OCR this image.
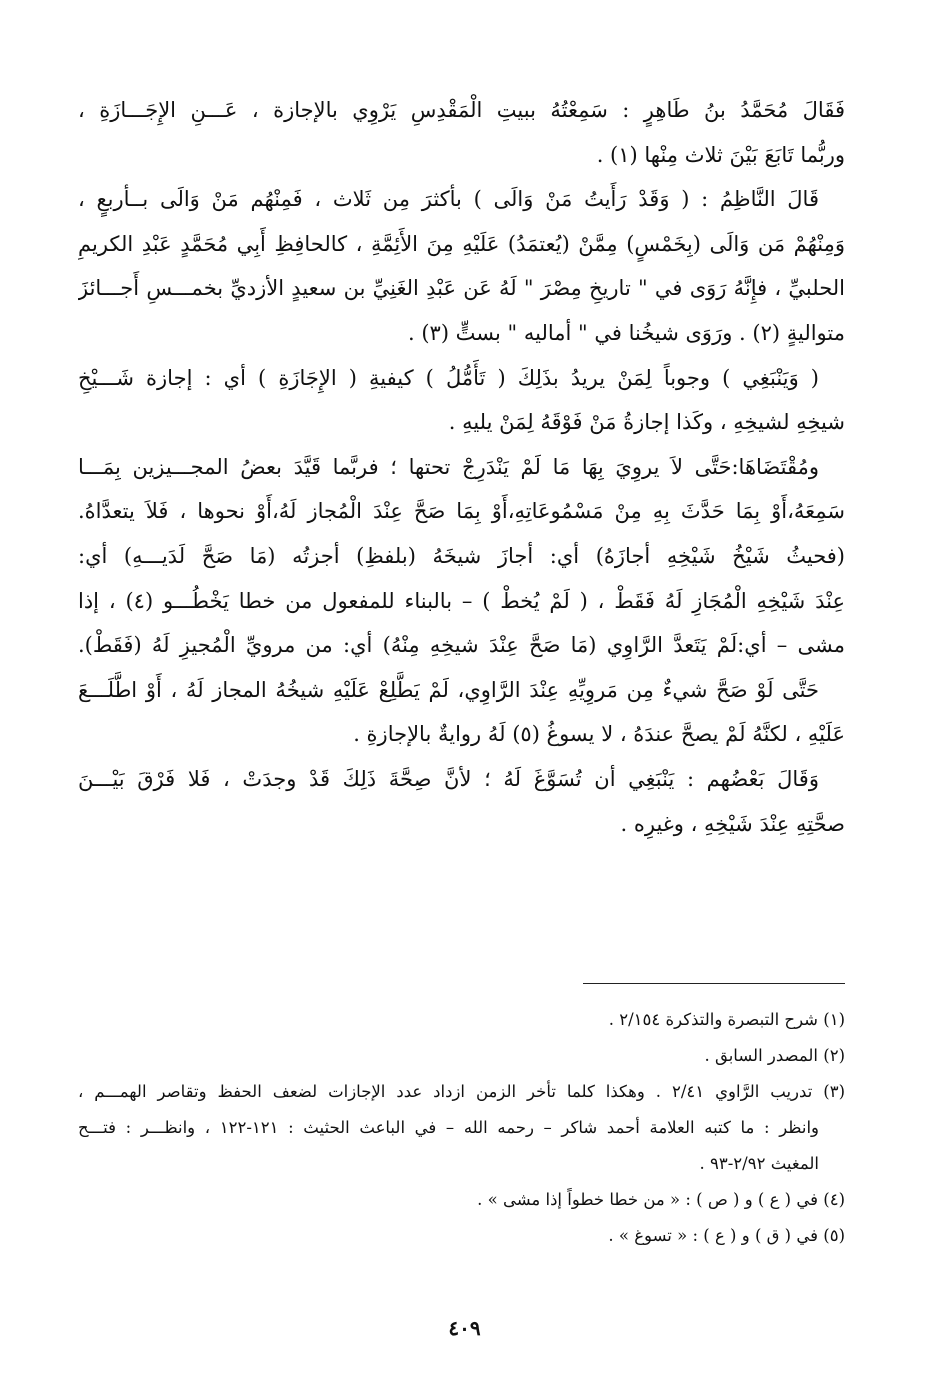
فَقَالَ مُحَمَّدُ بنُ طَاهِرٍ : سَمِعْتُهُ ببيتِ الْمَقْدِسِ يَرْوِي بالإجازة ، عَـــنِ الإِجَـــازَةِ ،
وربُّما تَابَعَ بَيْنَ ثلاث مِنْها (١) .
قَالَ النَّاظِمُ : ( وَقَدْ رَأَيتُ مَنْ وَالَى ) بأكثرَ مِن ثَلاث ، فَمِنْهُم مَنْ وَالَى بــأربعٍ ،
وَمِنْهُمْ مَن وَالَى (بِخَمْسٍ) مِمَّنْ (يُعتمَدُ) عَلَيْهِ مِنَ الأَئِمَّةِ ، كالحافِظِ أَبِي مُحَمَّدٍ عَبْدِ الكريمِ
الحلبيِّ ، فإِنَّهُ رَوَى في " تاريخِ مِصْرَ " لَهُ عَن عَبْدِ الغَنِيِّ بن سعيدٍ الأزديِّ بخمـــسِ أَجـــائزَ
متواليةٍ (٢) . ورَوَى شيخُنا في " أماليه " بستٍّ (٣) .
( وَيَنْبَغِي ) وجوباً لِمَنْ يريدُ بذَلِكَ ( تَأَمُّلُ ) كيفيةِ ( الإِجَازَةِ ) أي : إجازة شَـــيْخِ
شيخِهِ لشيخِهِ ، وكَذا إجازةُ مَنْ فَوْقَهُ لِمَنْ يليهِ .
ومُقْتَضَاهَا:حَتَّى لاَ يروِيَ بِهَا مَا لَمْ يَنْدَرِجْ تحتها ؛ فربَّما قَيَّدَ بعضُ المجـــيزين بِمَـــا
سَمِعَهُ،أَوْ بِمَا حَدَّثَ بِهِ مِنْ مَسْمُوعَاتِهِ،أَوْ بِمَا صَحَّ عِنْدَ الْمُجاز لَهُ،أَوْ نحوها ، فَلاَ يتعدَّاهُ.
(فحيثُ شَيْخُ شَيْخِهِ أجازَهُ) أي: أجازَ شيخَهُ (بلفظِ) أجزتُه (مَا صَحَّ لَدَيـــهِ) أي:
عِنْدَ شَيْخِهِ الْمُجَازِ لَهُ فَقَطْ ، ( لَمْ يُخطْ ) – بالبناء للمفعول من خطا يَخْطُـــو (٤) ، إذا
مشى – أي:لَمْ يَتَعدَّ الرَّاوِي (مَا صَحَّ عِنْدَ شيخِهِ مِنْهُ) أي: من مرويِّ الْمُجيزِ لَهُ (فَقَطْ).
حَتَّى لَوْ صَحَّ شيءٌ مِن مَروِيِّهِ عِنْدَ الرَّاوِي، لَمْ يَطَّلِعْ عَلَيْهِ شيخُهُ المجاز لَهُ ، أَوْ اطَّلَـــعَ
عَلَيْهِ ، لكنَّهُ لَمْ يصحَّ عندَهُ ، لا يسوغُ (٥) لَهُ روايةٌ بالإجازةِ .
وَقَالَ بَعْضُهم : يَنْبَغِي أن تُسَوَّغَ لَهُ ؛ لأنَّ صِحَّةَ ذَلِكَ قَدْ وجدَتْ ، فَلا فَرْقَ بَيْـــنَ
صحَّتِهِ عِنْدَ شَيْخِهِ ، وغيرِه .
(١) شرح التبصرة والتذكرة ٢/١٥٤ .
(٢) المصدر السابق .
(٣) تدريب الرَّاوي ٢/٤١ . وهكذا كلما تأخر الزمن ازداد عدد الإجازات لضعف الحفظ وتقاصر الهمـــم ،
وانظر : ما كتبه العلامة أحمد شاكر – رحمه الله – في الباعث الحثيث : ١٢١-١٢٢ ، وانظـــر : فتـــح
المغيث ٢/٩٢-٩٣ .
(٤) في ( ع ) و ( ص ) : « من خطا خطواً إذا مشى » .
(٥) في ( ق ) و ( ع ) : « تسوغ » .
٤٠٩
